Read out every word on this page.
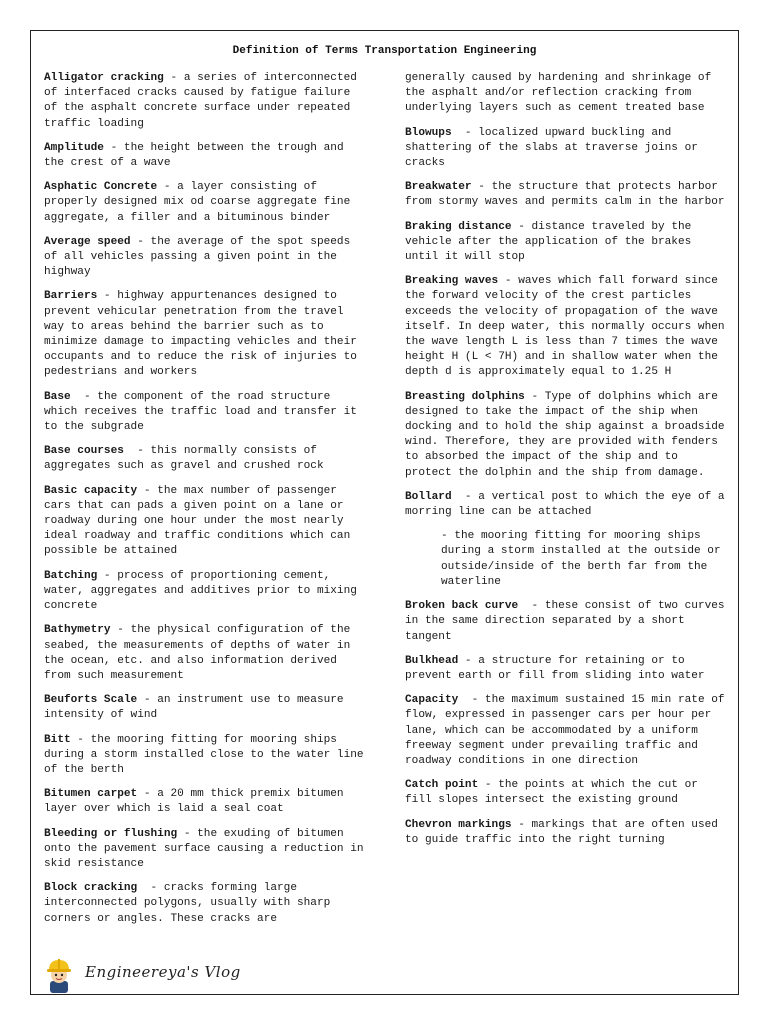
Definition of Terms Transportation Engineering
Alligator cracking - a series of interconnected of interfaced cracks caused by fatigue failure of the asphalt concrete surface under repeated traffic loading
Amplitude - the height between the trough and the crest of a wave
Asphatic Concrete - a layer consisting of properly designed mix od coarse aggregate fine aggregate, a filler and a bituminous binder
Average speed - the average of the spot speeds of all vehicles passing a given point in the highway
Barriers - highway appurtenances designed to prevent vehicular penetration from the travel way to areas behind the barrier such as to minimize damage to impacting vehicles and their occupants and to reduce the risk of injuries to pedestrians and workers
Base  - the component of the road structure which receives the traffic load and transfer it to the subgrade
Base courses  - this normally consists of aggregates such as gravel and crushed rock
Basic capacity - the max number of passenger cars that can pads a given point on a lane or roadway during one hour under the most nearly ideal roadway and traffic conditions which can possible be attained
Batching - process of proportioning cement, water, aggregates and additives prior to mixing concrete
Bathymetry - the physical configuration of the seabed, the measurements of depths of water in the ocean, etc. and also information derived from such measurement
Beuforts Scale - an instrument use to measure intensity of wind
Bitt - the mooring fitting for mooring ships during a storm installed close to the water line of the berth
Bitumen carpet - a 20 mm thick premix bitumen layer over which is laid a seal coat
Bleeding or flushing - the exuding of bitumen onto the pavement surface causing a reduction in skid resistance
Block cracking  - cracks forming large interconnected polygons, usually with sharp corners or angles. These cracks are
generally caused by hardening and shrinkage of the asphalt and/or reflection cracking from underlying layers such as cement treated base
Blowups  - localized upward buckling and shattering of the slabs at traverse joins or cracks
Breakwater - the structure that protects harbor from stormy waves and permits calm in the harbor
Braking distance - distance traveled by the vehicle after the application of the brakes until it will stop
Breaking waves - waves which fall forward since the forward velocity of the crest particles exceeds the velocity of propagation of the wave itself. In deep water, this normally occurs when the wave length L is less than 7 times the wave height H (L < 7H) and in shallow water when the depth d is approximately equal to 1.25 H
Breasting dolphins - Type of dolphins which are designed to take the impact of the ship when docking and to hold the ship against a broadside wind. Therefore, they are provided with fenders to absorbed the impact of the ship and to protect the dolphin and the ship from damage.
Bollard  - a vertical post to which the eye of a morring line can be attached
- the mooring fitting for mooring ships during a storm installed at the outside or outside/inside of the berth far from the waterline
Broken back curve  - these consist of two curves in the same direction separated by a short tangent
Bulkhead - a structure for retaining or to prevent earth or fill from sliding into water
Capacity  - the maximum sustained 15 min rate of flow, expressed in passenger cars per hour per lane, which can be accommodated by a uniform freeway segment under prevailing traffic and roadway conditions in one direction
Catch point - the points at which the cut or fill slopes intersect the existing ground
Chevron markings - markings that are often used to guide traffic into the right turning
Engineereya's Vlog
